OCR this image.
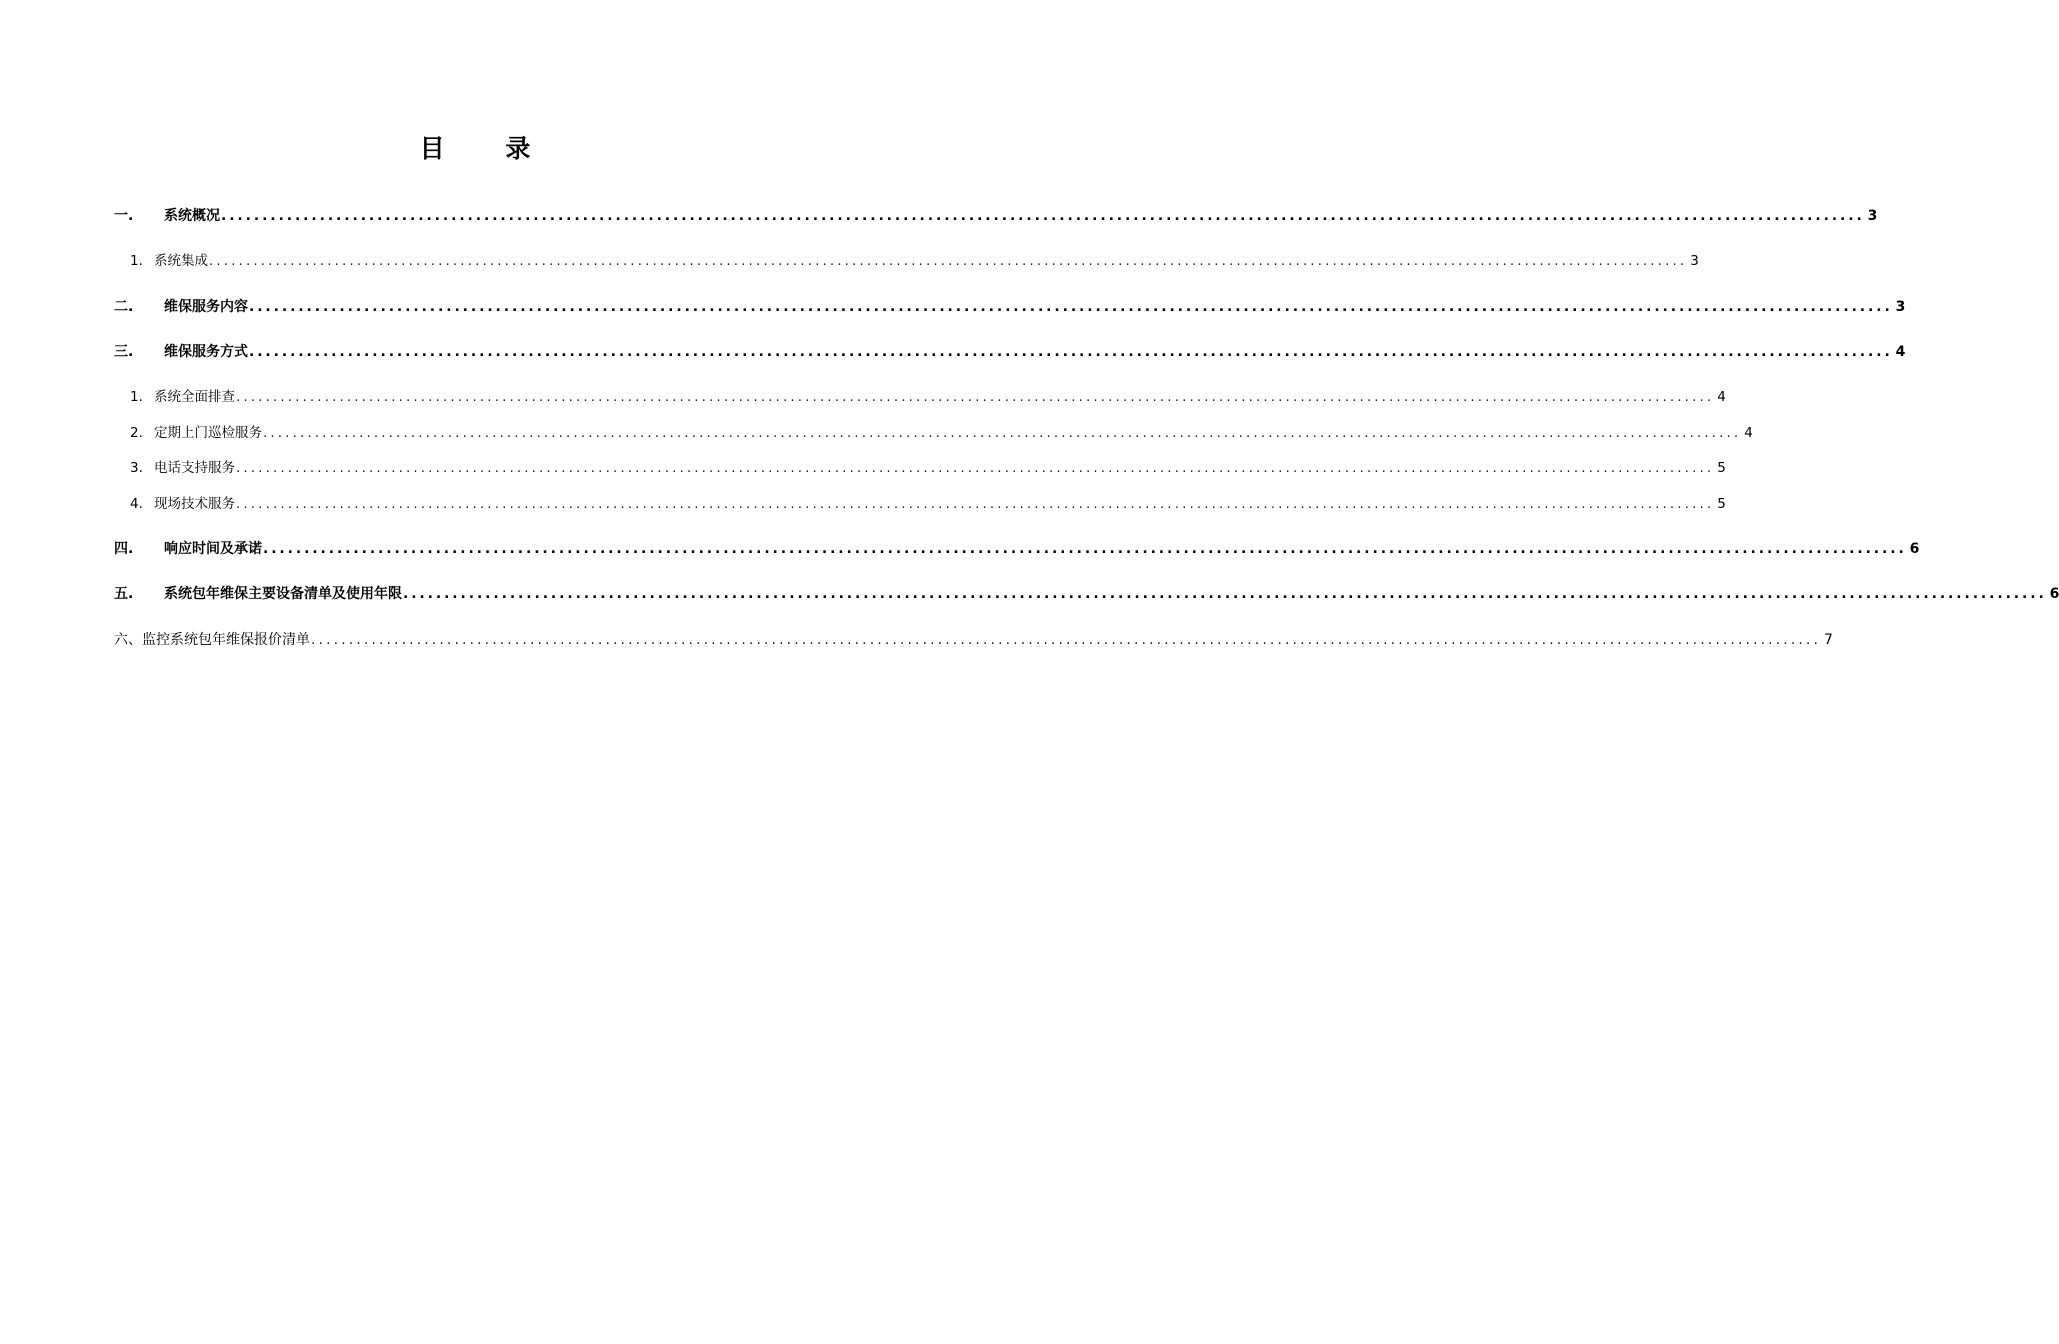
目 录
一.	系统概况 ........................................................................................................................................................................................................ 3
1. 系统集成 ........................................................................................................................................................................................................ 3
二.	维保服务内容 ........................................................................................................................................................................................................ 3
三.	维保服务方式 ........................................................................................................................................................................................................ 4
1. 系统全面排查 ........................................................................................................................................................................................................ 4
2. 定期上门巡检服务 ........................................................................................................................................................................................................ 4
3. 电话支持服务 ........................................................................................................................................................................................................ 5
4. 现场技术服务 ........................................................................................................................................................................................................ 5
四.	响应时间及承诺 ........................................................................................................................................................................................................ 6
五.	系统包年维保主要设备清单及使用年限 ........................................................................................................................................................................................................ 6
六、监控系统包年维保报价清单 ........................................................................................................................................................................................................ 7
